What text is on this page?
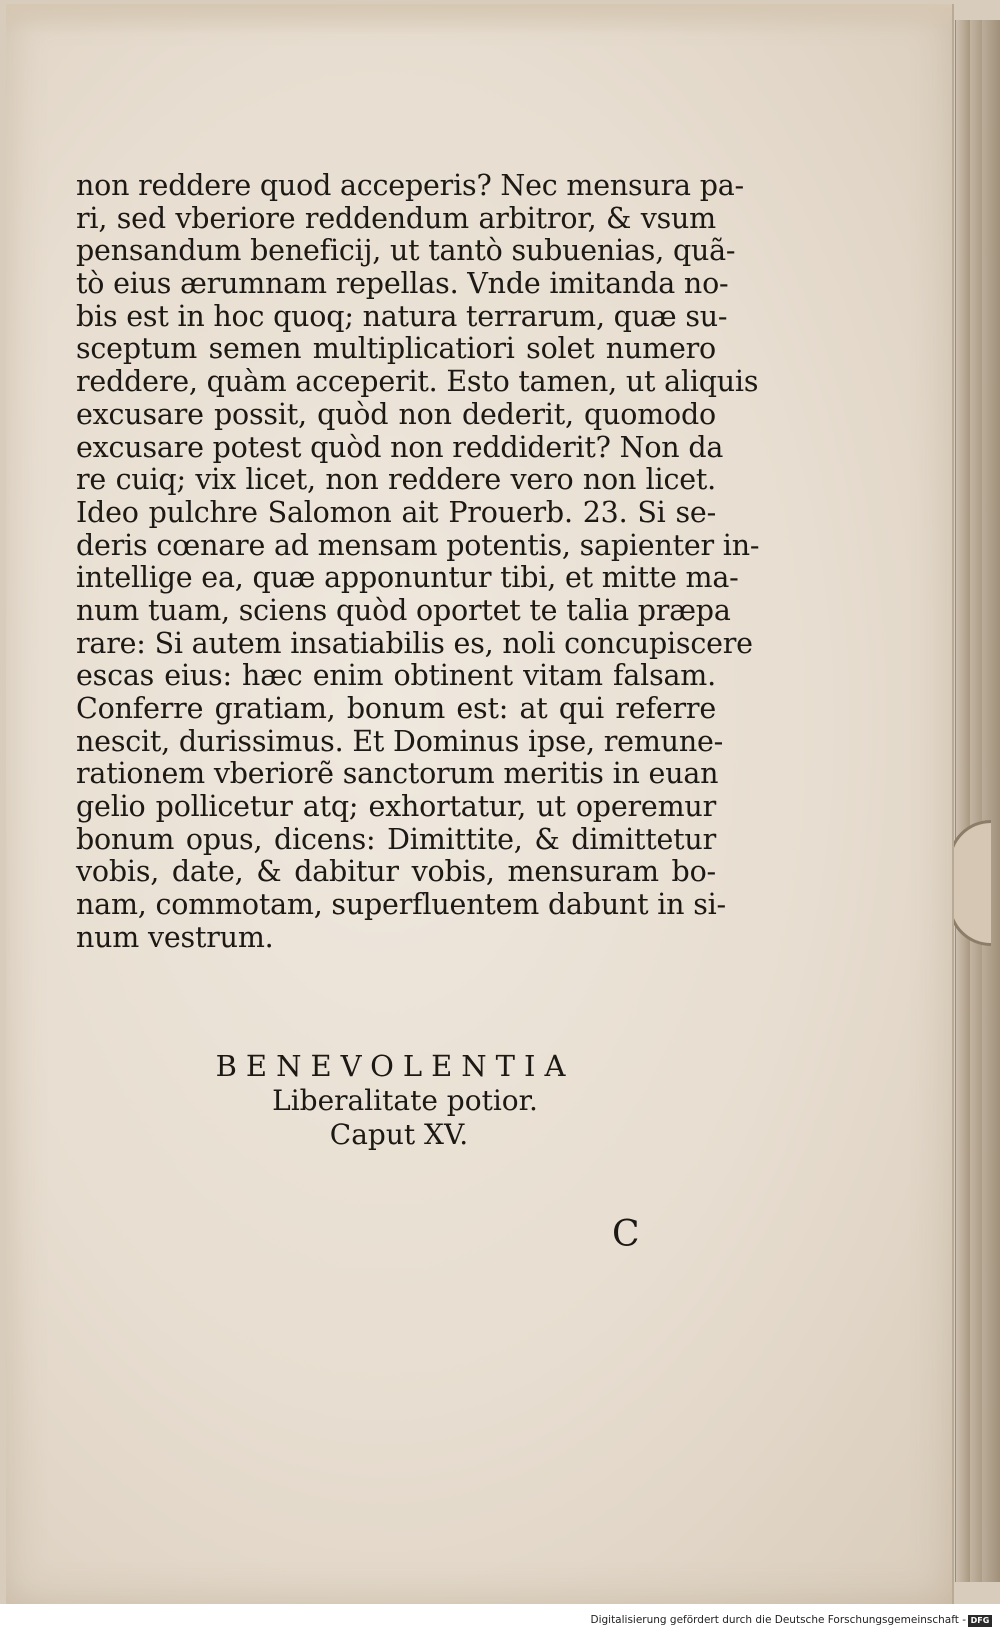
non reddere quod acceperis? Nec mensura pa-
ri, sed vberiore reddendum arbitror, & vsum
pensandum beneficij, ut tantò subuenias, quã-
tò eius ærumnam repellas. Vnde imitanda no-
bis est in hoc quoq; natura terrarum, quæ su-
sceptum semen multiplicatiori solet numero
reddere, quàm acceperit. Esto tamen, ut aliquis
excusare possit, quòd non dederit, quomodo
excusare potest quòd non reddiderit? Non da
re cuiq; vix licet, non reddere vero non licet.
Ideo pulchre Salomon ait Prouerb. 23. Si se-
deris cœnare ad mensam potentis, sapienter in-
intellige ea, quæ apponuntur tibi, et mitte ma-
num tuam, sciens quòd oportet te talia præpa
rare: Si autem insatiabilis es, noli concupiscere
escas eius: hæc enim obtinent vitam falsam.
Conferre gratiam, bonum est: at qui referre
nescit, durissimus. Et Dominus ipse, remune-
rationem vberiorẽ sanctorum meritis in euan
gelio pollicetur atq; exhortatur, ut operemur
bonum opus, dicens: Dimittite, & dimittetur
vobis, date, & dabitur vobis, mensuram bo-
nam, commotam, superfluentem dabunt in si-
num vestrum.
BENEVOLENTIA
Liberalitate potior.
Caput XV.
C
Digitalisierung gefördert durch die Deutsche Forschungsgemeinschaft - DFG
